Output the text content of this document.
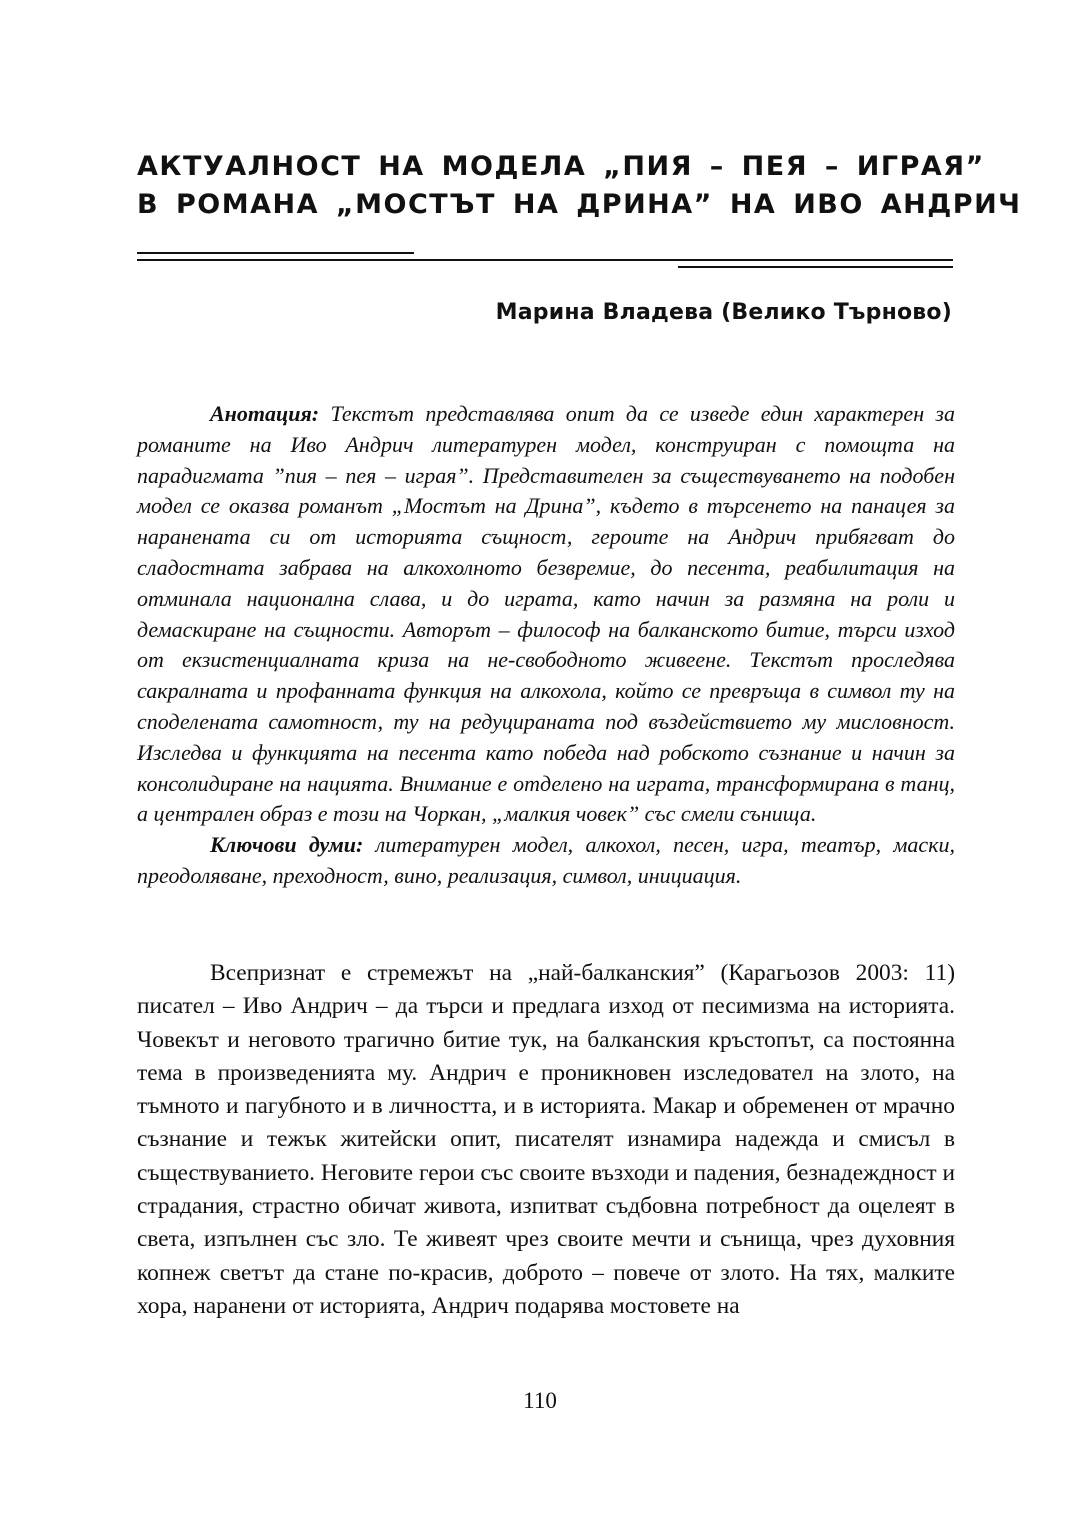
АКТУАЛНОСТ НА МОДЕЛА „ПИЯ – ПЕЯ – ИГРАЯ”
В РОМАНА „МОСТЪТ НА ДРИНА” НА ИВО АНДРИЧ
Марина Владева (Велико Търново)

Анотация: Текстът представлява опит да се изведе един характерен за романите на Иво Андрич литературен модел, конструиран с помощта на парадигмата ”пия – пея – играя”. Представителен за съществуването на подобен модел се оказва романът „Мостът на Дрина”, където в търсенето на панацея за наранената си от историята същност, героите на Андрич прибягват до сладостната забрава на алкохолното безвремие, до песента, реабилитация на отминала национална слава, и до играта, като начин за размяна на роли и демаскиране на същности. Авторът – философ на балканското битие, търси изход от екзистенциалната криза на не-свободното живеене. Текстът проследява сакралната и профанната функция на алкохола, който се превръща в символ ту на споделената самотност, ту на редуцираната под въздействието му мисловност. Изследва и функцията на песента като победа над робското съзнание и начин за консолидиране на нацията. Внимание е отделено на играта, трансформирана в танц, а централен образ е този на Чоркан, „малкия човек” със смели сънища.

Ключови думи: литературен модел, алкохол, песен, игра, театър, маски, преодоляване, преходност, вино, реализация, символ, инициация.

Всепризнат е стремежът на „най-балканския” (Карагьозов 2003: 11) писател – Иво Андрич – да търси и предлага изход от песимизма на историята. Човекът и неговото трагично битие тук, на балканския кръстопът, са постоянна тема в произведенията му. Андрич е проникновен изследовател на злото, на тъмното и пагубното и в личността, и в историята. Макар и обременен от мрачно съзнание и тежък житейски опит, писателят изнамира надежда и смисъл в съществуванието. Неговите герои със своите възходи и падения, безнадеждност и страдания, страстно обичат живота, изпитват съдбовна потребност да оцелеят в света, изпълнен със зло. Те живеят чрез своите мечти и сънища, чрез духовния копнеж светът да стане по-красив, доброто – повече от злото. На тях, малките хора, наранени от историята, Андрич подарява мостовете на

110
